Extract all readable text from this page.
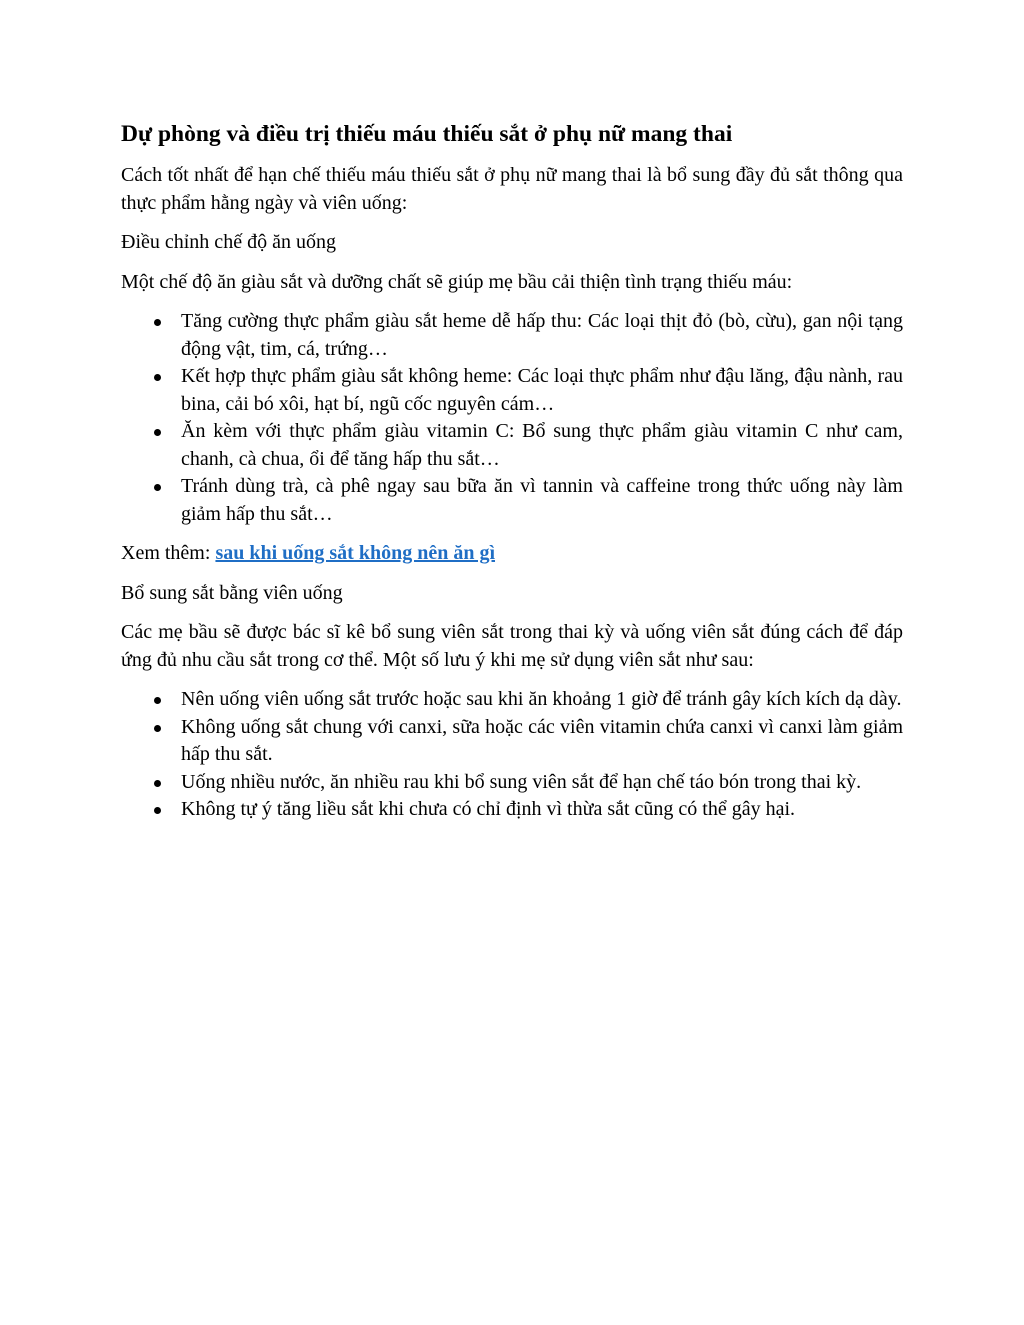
Dự phòng và điều trị thiếu máu thiếu sắt ở phụ nữ mang thai

Cách tốt nhất để hạn chế thiếu máu thiếu sắt ở phụ nữ mang thai là bổ sung đầy đủ sắt thông qua thực phẩm hằng ngày và viên uống:

Điều chỉnh chế độ ăn uống

Một chế độ ăn giàu sắt và dưỡng chất sẽ giúp mẹ bầu cải thiện tình trạng thiếu máu:

Tăng cường thực phẩm giàu sắt heme dễ hấp thu: Các loại thịt đỏ (bò, cừu), gan nội tạng động vật, tim, cá, trứng…
Kết hợp thực phẩm giàu sắt không heme: Các loại thực phẩm như đậu lăng, đậu nành, rau bina, cải bó xôi, hạt bí, ngũ cốc nguyên cám…
Ăn kèm với thực phẩm giàu vitamin C: Bổ sung thực phẩm giàu vitamin C như cam, chanh, cà chua, ổi để tăng hấp thu sắt…
Tránh dùng trà, cà phê ngay sau bữa ăn vì tannin và caffeine trong thức uống này làm giảm hấp thu sắt…

Xem thêm: sau khi uống sắt không nên ăn gì

Bổ sung sắt bằng viên uống

Các mẹ bầu sẽ được bác sĩ kê bổ sung viên sắt trong thai kỳ và uống viên sắt đúng cách để đáp ứng đủ nhu cầu sắt trong cơ thể. Một số lưu ý khi mẹ sử dụng viên sắt như sau:

Nên uống viên uống sắt trước hoặc sau khi ăn khoảng 1 giờ để tránh gây kích kích dạ dày.
Không uống sắt chung với canxi, sữa hoặc các viên vitamin chứa canxi vì canxi làm giảm hấp thu sắt.
Uống nhiều nước, ăn nhiều rau khi bổ sung viên sắt để hạn chế táo bón trong thai kỳ.
Không tự ý tăng liều sắt khi chưa có chỉ định vì thừa sắt cũng có thể gây hại.
